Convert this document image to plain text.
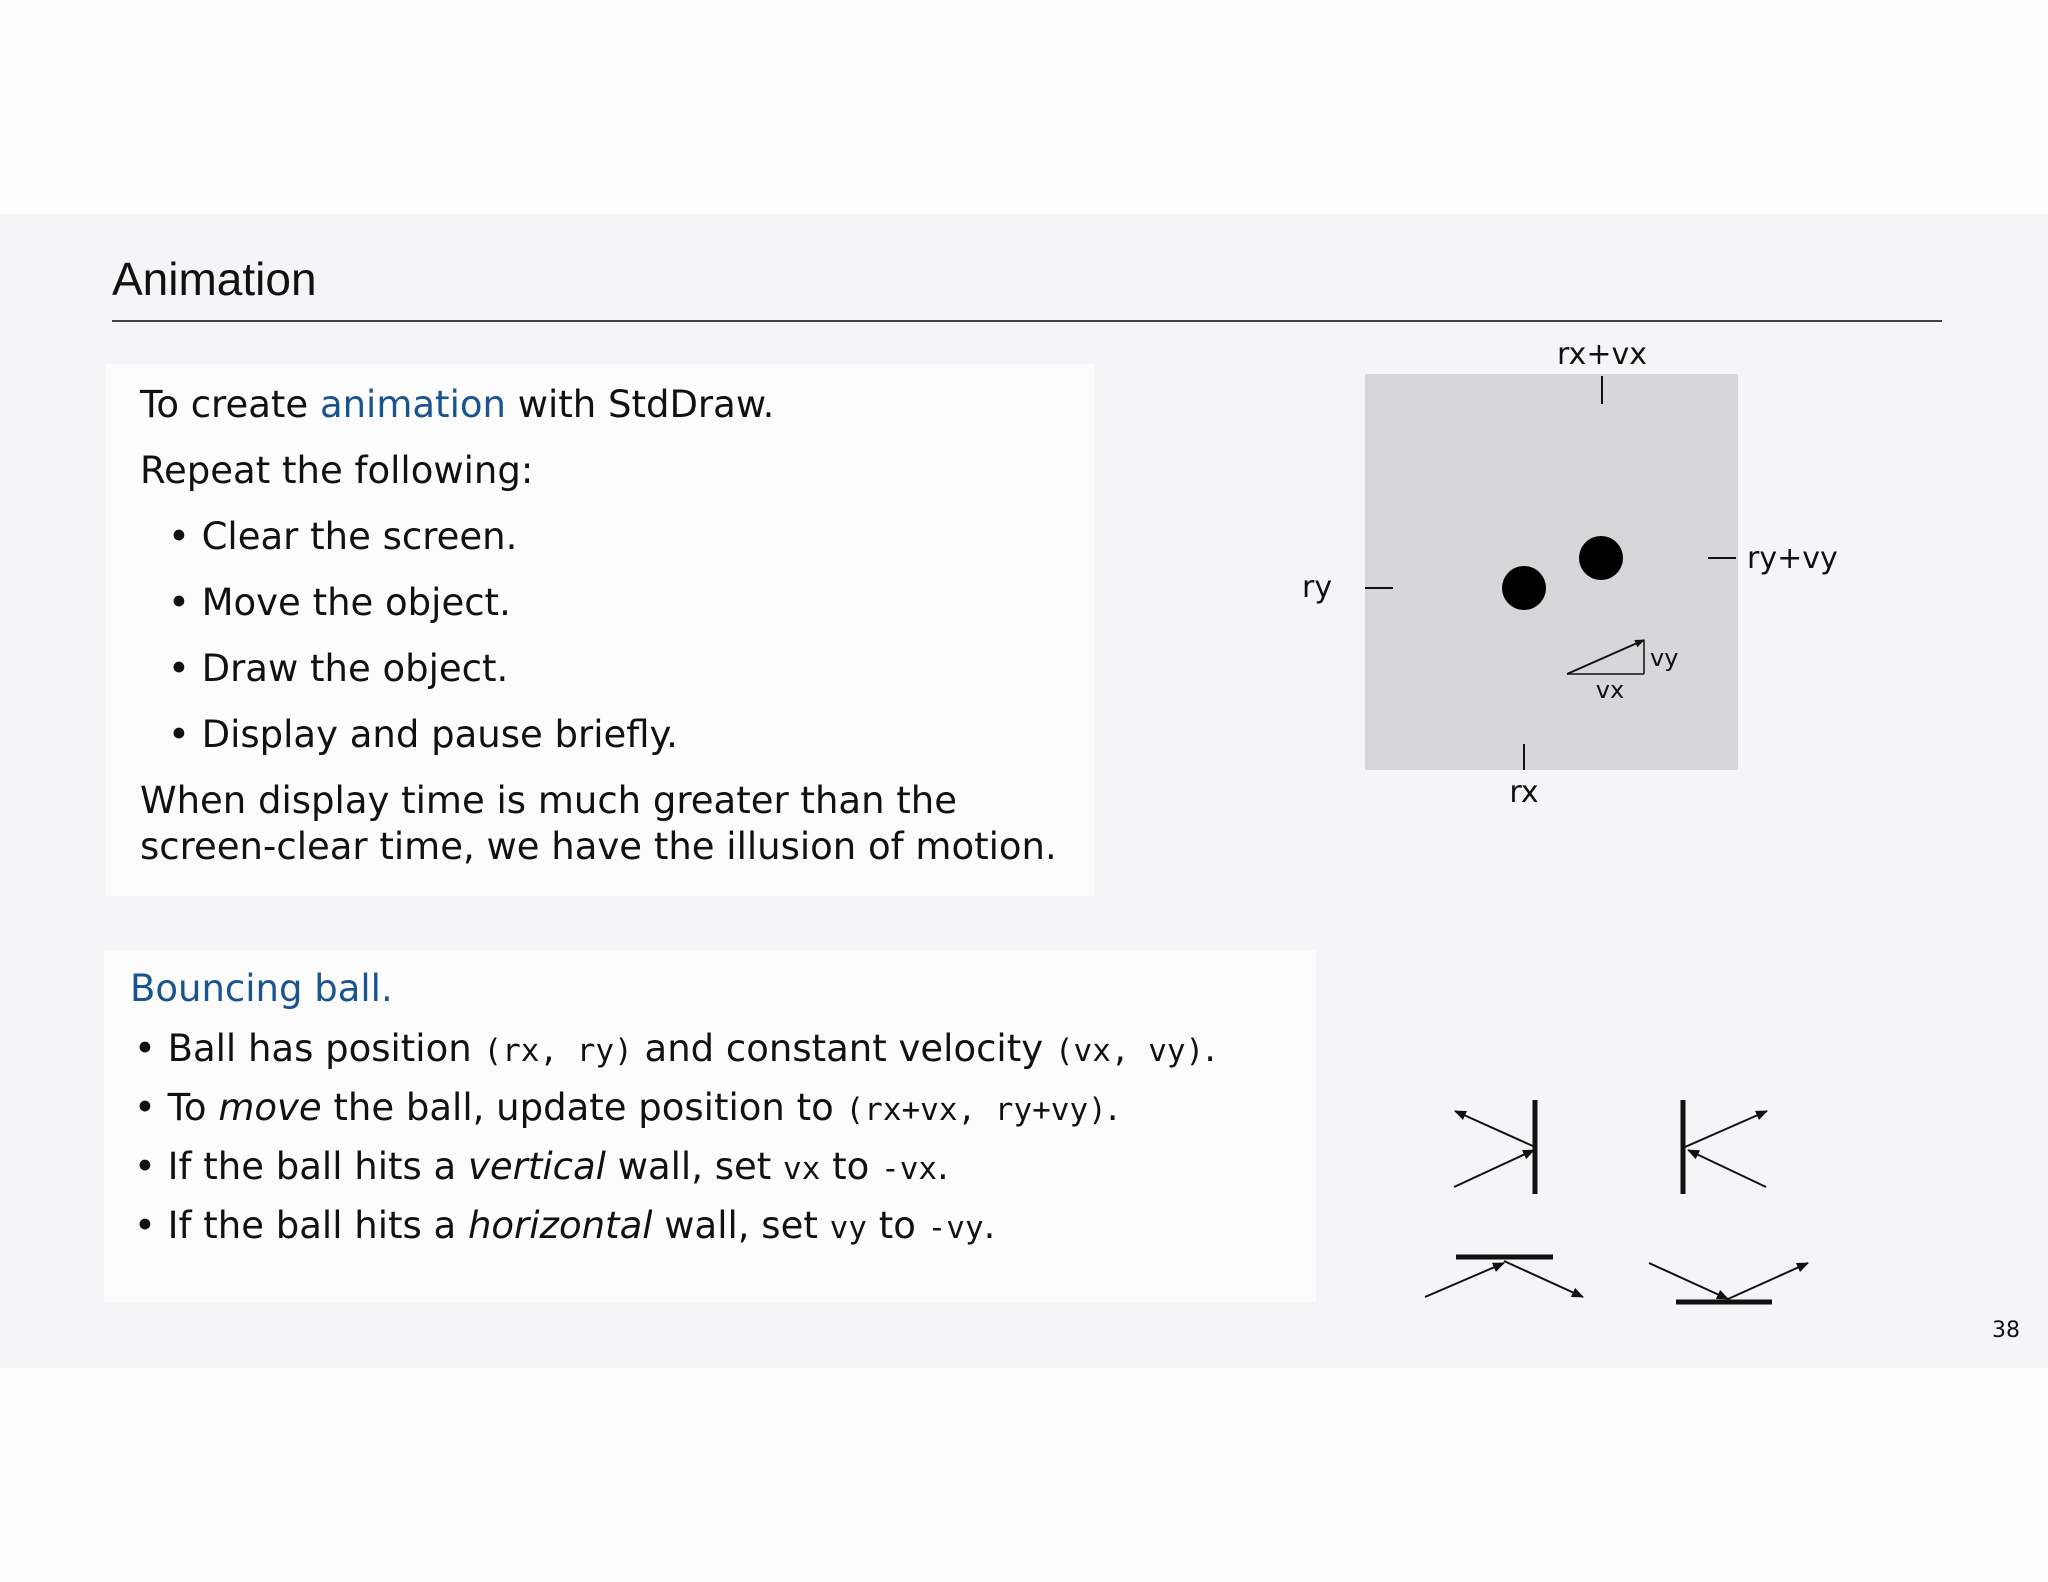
Animation
To create animation with StdDraw.
Repeat the following:
• Clear the screen.
• Move the object.
• Draw the object.
• Display and pause briefly.
When display time is much greater than the
screen-clear time, we have the illusion of motion.
Bouncing ball.
• Ball has position (rx, ry) and constant velocity (vx, vy).
• To move the ball, update position to (rx+vx, ry+vy).
• If the ball hits a vertical wall, set vx to -vx.
• If the ball hits a horizontal wall, set vy to -vy.
rx+vx
ry
ry+vy
vy
vx
rx
38
